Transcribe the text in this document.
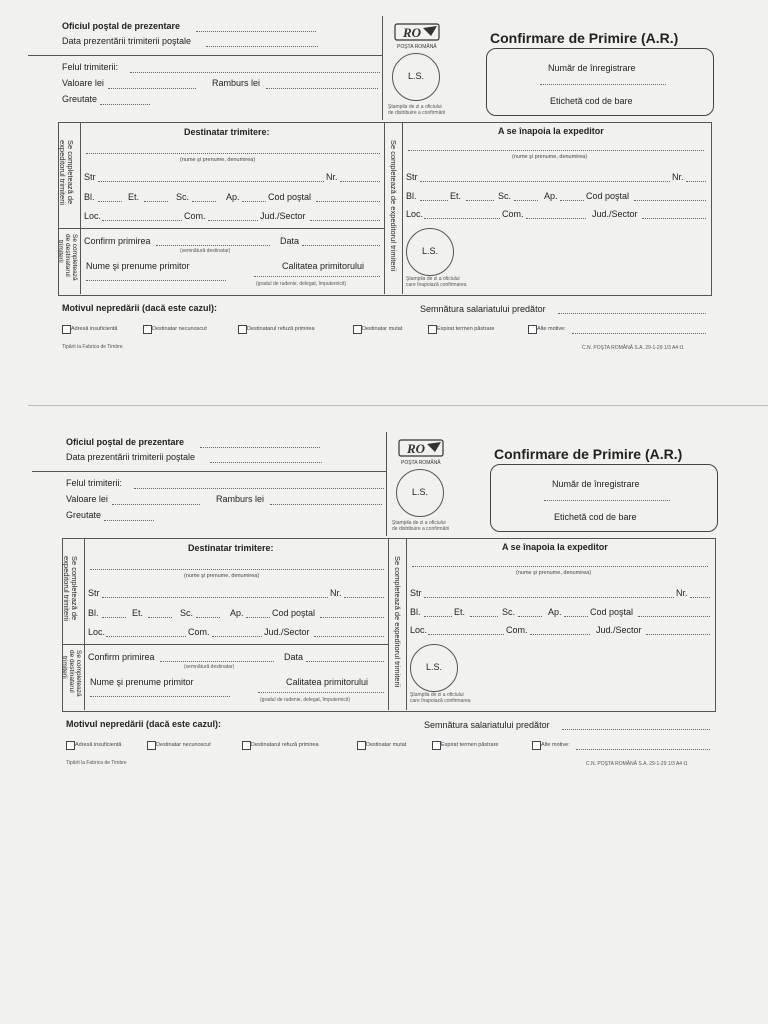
Oficiul poştal de prezentare
Data prezentării trimiterii poştale
Felul trimiterii:
Valoare lei	Ramburs lei
Greutate
RO
POŞTA ROMÂNĂ
L.S.
Ştampila de zi a oficiului
de distribuire a confirmării
Confirmare de Primire (A.R.)
Număr de înregistrare
Etichetă cod de bare
Se completează de
expeditorul trimiterii
Se completează
de destinatarul
trimiterii	Se completează de expeditorul trimiterii
Destinatar trimitere:
(nume şi prenume, denumirea)
Str	Nr.
Bl.	Et.	Sc.	Ap.	Cod poştal
Loc.	Com.	Jud./Sector
Confirm primirea
(semnătură destinatar)
Data
Nume şi prenume primitor	Calitatea primitorului
(gradul de rudenie, delegat, împuternicit)
A se înapoia la expeditor
(nume şi prenume, denumirea)
Str	Nr.
Bl.	Et.	Sc.	Ap.	Cod poştal
Loc.	Com.	Jud./Sector
L.S.
Ştampila de zi a oficiului
care înapoiază confirmarea
Motivul nepredării (dacă este cazul):	Semnătura salariatului predător
Adresă insuficientă	Destinatar necunoscut	Destinatarul refuză primirea	Destinatar mutat	Expirat termen păstrare	Alte motive:
Tipărit la Fabrica de Timbre	C.N. POŞTA ROMÂNĂ S.A. 29-1-29 1/3 A4 t1
Oficiul poştal de prezentare
Data prezentării trimiterii poştale
Felul trimiterii:
Valoare lei	Ramburs lei
Greutate
RO
POŞTA ROMÂNĂ
L.S.
Ştampila de zi a oficiului
de distribuire a confirmării
Confirmare de Primire (A.R.)
Număr de înregistrare
Etichetă cod de bare
Se completează de
expeditorul trimiterii
Se completează
de destinatarul
trimiterii	Se completează de expeditorul trimiterii
Destinatar trimitere:
(nume şi prenume, denumirea)
Str	Nr.
Bl.	Et.	Sc.	Ap.	Cod poştal
Loc.	Com.	Jud./Sector
Confirm primirea
(semnătură destinatar)
Data
Nume şi prenume primitor	Calitatea primitorului
(gradul de rudenie, delegat, împuternicit)
A se înapoia la expeditor
(nume şi prenume, denumirea)
Str	Nr.
Bl.	Et.	Sc.	Ap.	Cod poştal
Loc.	Com.	Jud./Sector
L.S.
Ştampila de zi a oficiului
care înapoiază confirmarea
Motivul nepredării (dacă este cazul):	Semnătura salariatului predător
Adresă insuficientă	Destinatar necunoscut	Destinatarul refuză primirea	Destinatar mutat	Expirat termen păstrare	Alte motive:
Tipărit la Fabrica de Timbre	C.N. POŞTA ROMÂNĂ S.A. 29-1-29 1/3 A4 t1
